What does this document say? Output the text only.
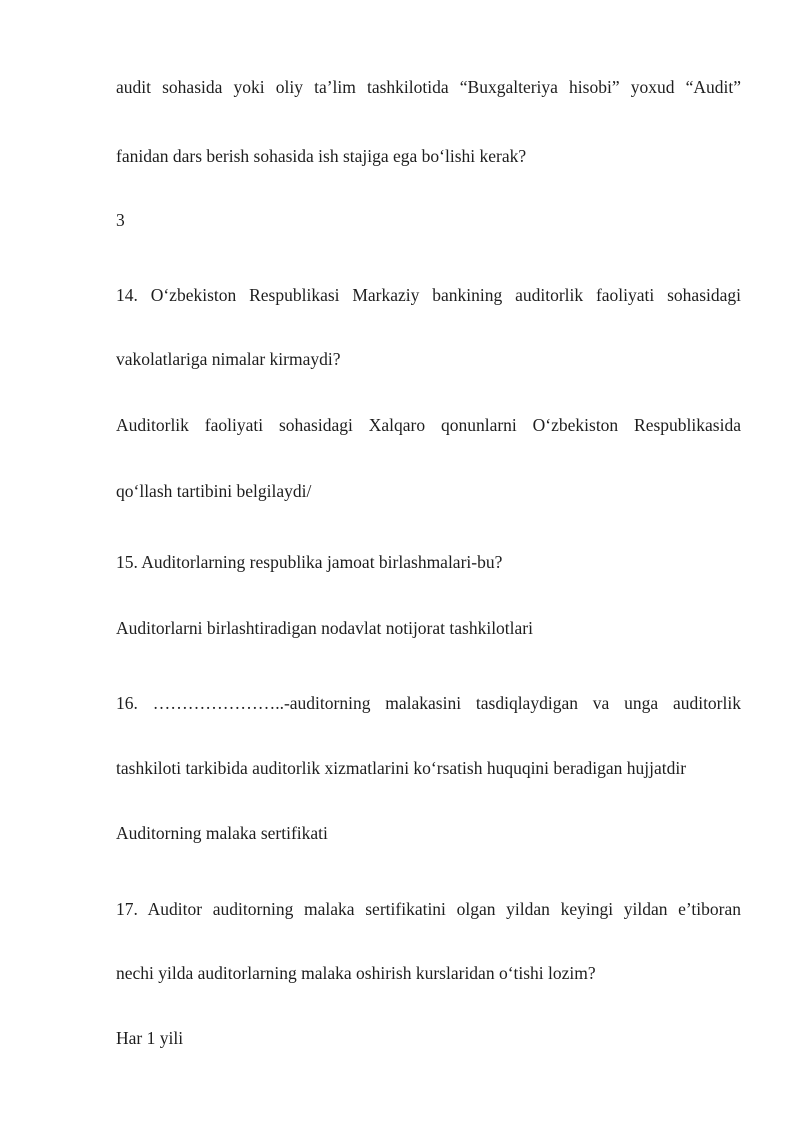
audit sohasida yoki oliy ta’lim tashkilotida “Buxgalteriya hisobi” yoxud “Audit”
fanidan dars berish sohasida ish stajiga ega bo‘lishi kerak?
3
14. O‘zbekiston Respublikasi Markaziy bankining auditorlik faoliyati sohasidagi
vakolatlariga nimalar kirmaydi?
Auditorlik faoliyati sohasidagi Xalqaro qonunlarni O‘zbekiston Respublikasida
qo‘llash tartibini belgilaydi/
15. Auditorlarning respublika jamoat birlashmalari-bu?
Auditorlarni birlashtiradigan nodavlat notijorat tashkilotlari
16. …………………..-auditorning malakasini tasdiqlaydigan va unga auditorlik
tashkiloti tarkibida auditorlik xizmatlarini ko‘rsatish huquqini beradigan hujjatdir
Auditorning malaka sertifikati
17. Auditor auditorning malaka sertifikatini olgan yildan keyingi yildan e’tiboran
nechi yilda auditorlarning malaka oshirish kurslaridan o‘tishi lozim?
Har 1 yili
